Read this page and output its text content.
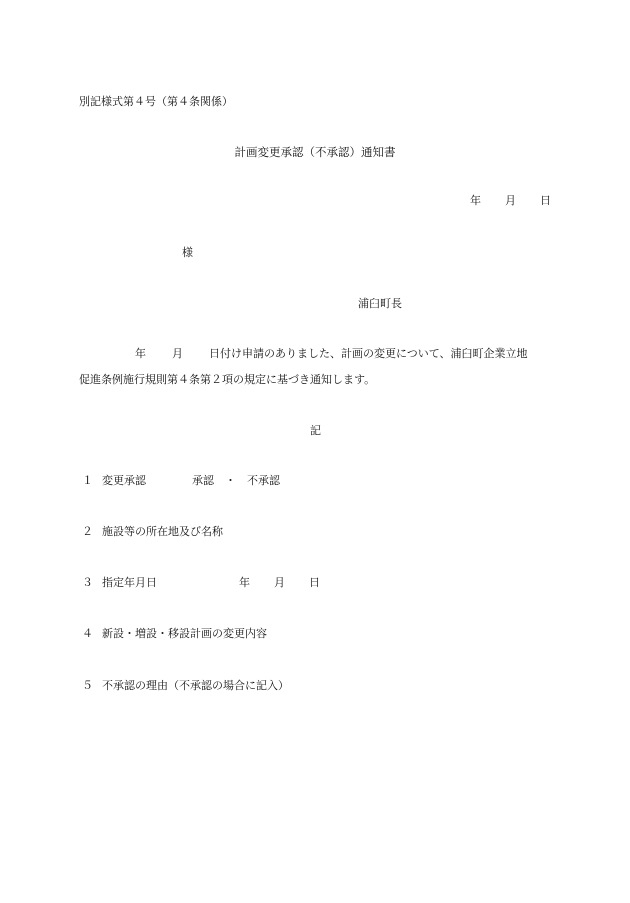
別記様式第４号（第４条関係）
計画変更承認（不承認）通知書
年 月 日
様
浦臼町長
年 月 日付け申請のありました、計画の変更について、浦臼町企業立地
促進条例施行規則第４条第２項の規定に基づき通知します。
記
１ 変更承認	承認　・　不承認
２ 施設等の所在地及び名称
３ 指定年月日	年 月 日
４ 新設・増設・移設計画の変更内容
５ 不承認の理由（不承認の場合に記入）
